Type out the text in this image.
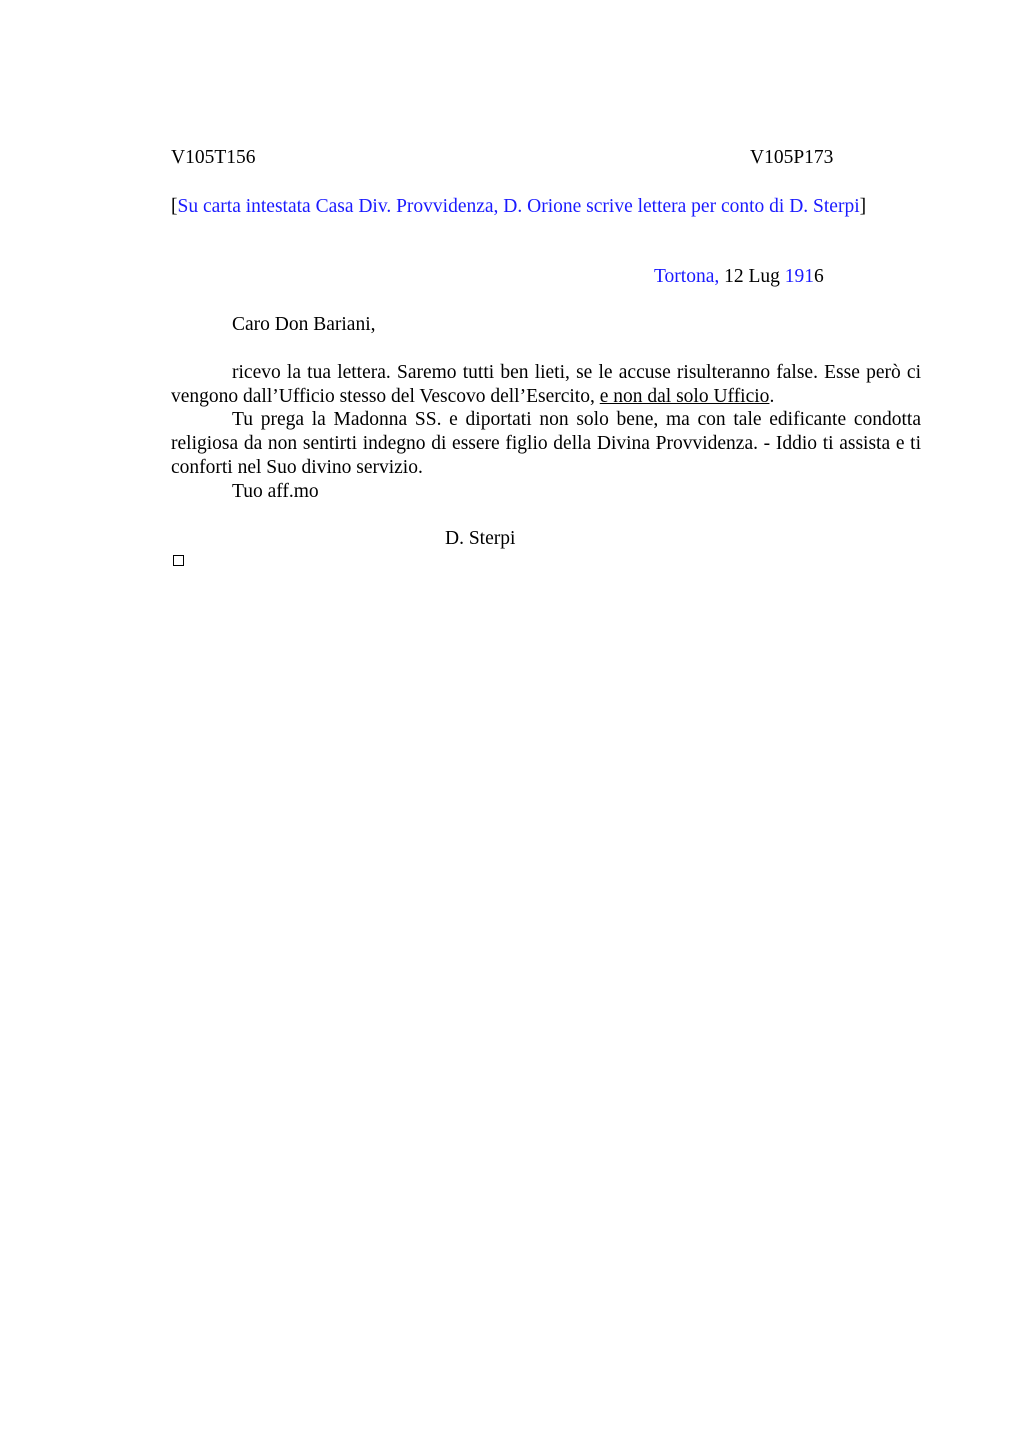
V105T156	V105P173
[Su carta intestata Casa Div. Provvidenza, D. Orione scrive lettera per conto di D. Sterpi]
Tortona, 12 Lug 1916
Caro Don Bariani,
ricevo la tua lettera. Saremo tutti ben lieti, se le accuse risulteranno false. Esse però ci vengono dall’Ufficio stesso del Vescovo dell’Esercito, e non dal solo Ufficio.
Tu prega la Madonna SS. e diportati non solo bene, ma con tale edificante condotta religiosa da non sentirti indegno di essere figlio della Divina Provvidenza. - Iddio ti assista e ti conforti nel Suo divino servizio.
Tuo aff.mo
D. Sterpi
